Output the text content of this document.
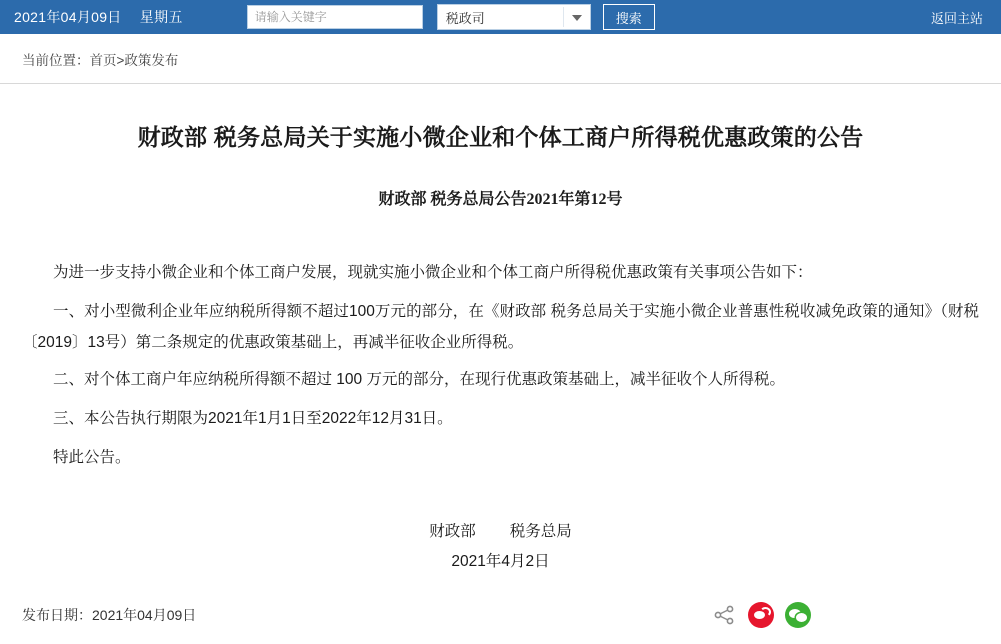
2021年04月09日 星期五
请输入关键字	税政司	搜索	返回主站
当前位置：首页>政策发布
财政部 税务总局关于实施小微企业和个体工商户所得税优惠政策的公告
财政部 税务总局公告2021年第12号

为进一步支持小微企业和个体工商户发展，现就实施小微企业和个体工商户所得税优惠政策有关事项公告如下：

一、对小型微利企业年应纳税所得额不超过100万元的部分，在《财政部 税务总局关于实施小微企业普惠性税收减免政策的通知》（财税〔2019〕13号）第二条规定的优惠政策基础上，再减半征收企业所得税。

二、对个体工商户年应纳税所得额不超过 100 万元的部分，在现行优惠政策基础上，减半征收个人所得税。

三、本公告执行期限为2021年1月1日至2022年12月31日。

特此公告。

财政部 税务总局
2021年4月2日
发布日期：2021年04月09日
